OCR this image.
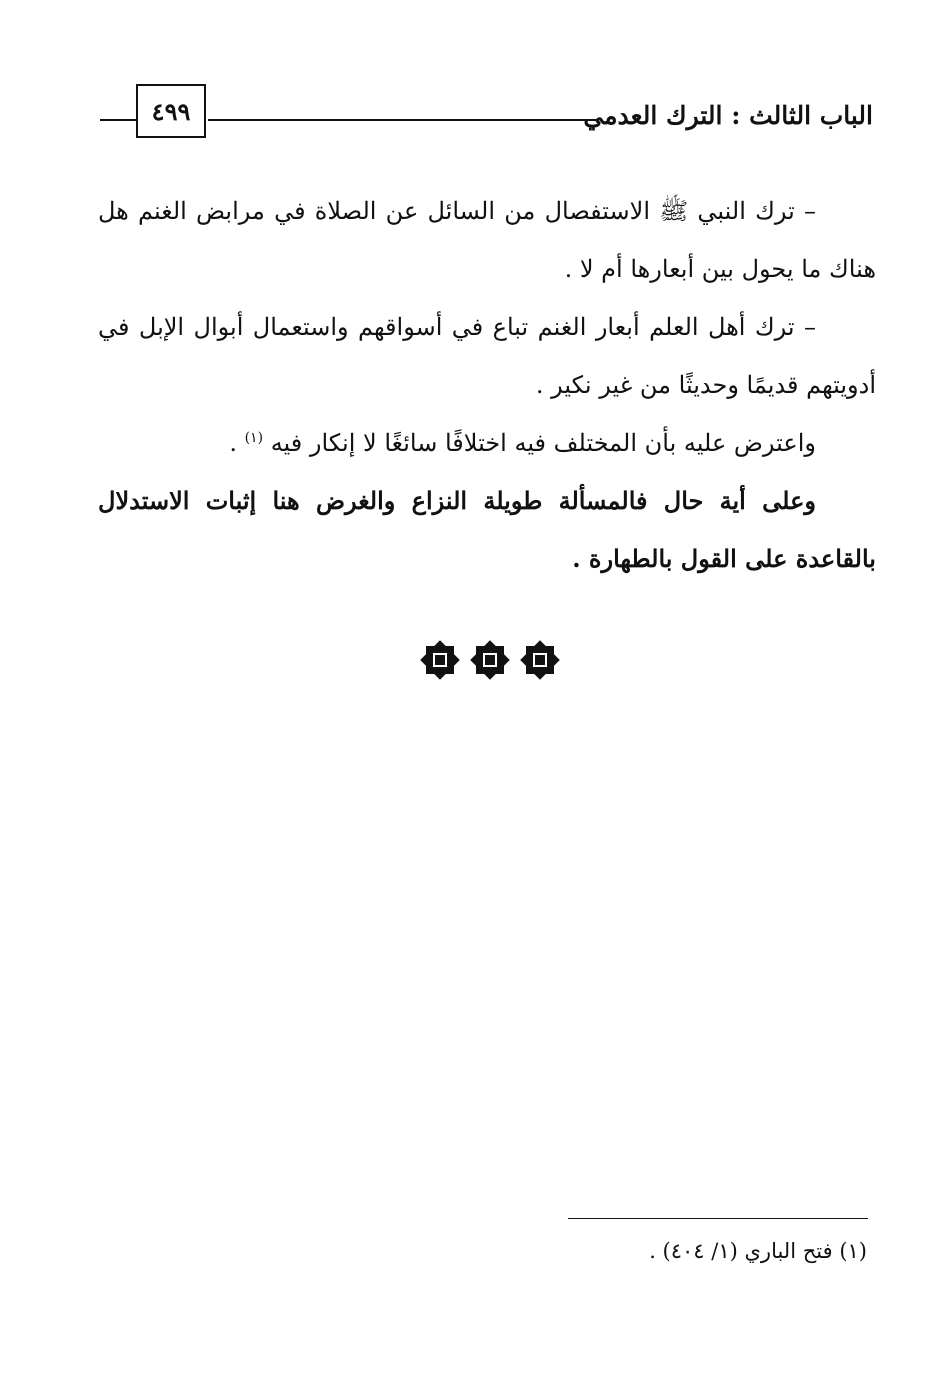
الباب الثالث : الترك العدمي
٤٩٩

– ترك النبي ﷺ الاستفصال من السائل عن الصلاة في مرابض الغنم هل هناك ما يحول بين أبعارها أم لا .

– ترك أهل العلم أبعار الغنم تباع في أسواقهم واستعمال أبوال الإبل في أدويتهم قديمًا وحديثًا من غير نكير .

واعترض عليه بأن المختلف فيه اختلافًا سائغًا لا إنكار فيه $^{(١)}$ .

وعلى أية حال فالمسألة طويلة النزاع والغرض هنا إثبات الاستدلال بالقاعدة على القول بالطهارة .

(١) فتح الباري (١/ ٤٠٤) .
